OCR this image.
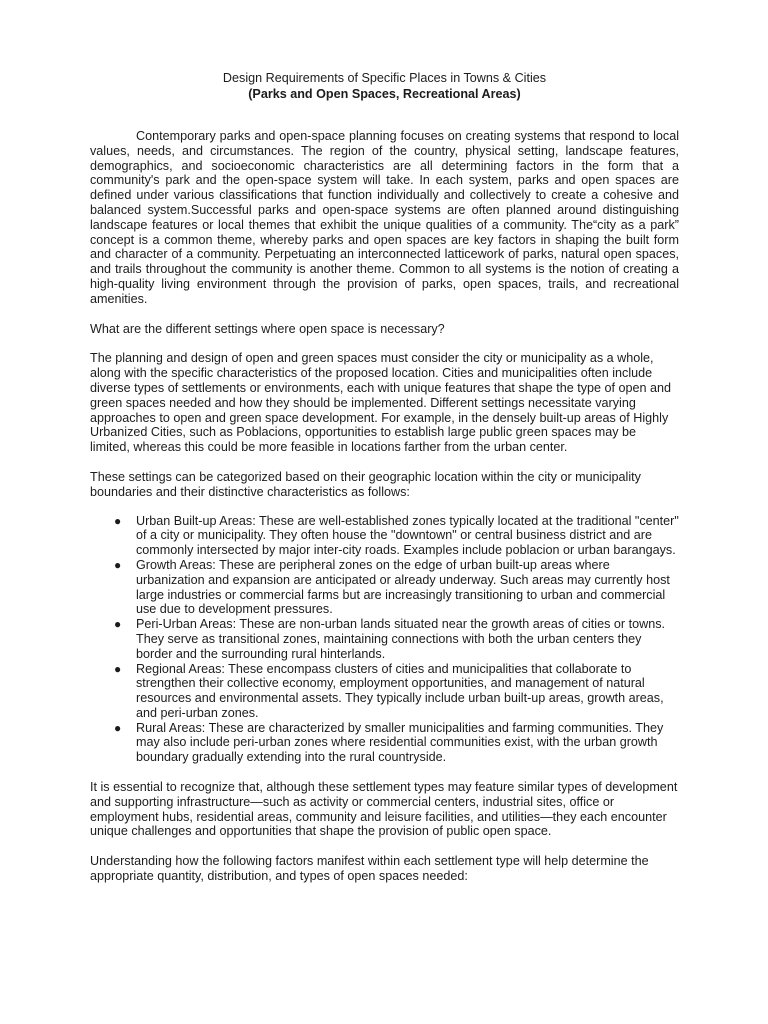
Design Requirements of Specific Places in Towns & Cities

(Parks and Open Spaces, Recreational Areas)

Contemporary parks and open-space planning focuses on creating systems that respond to local values, needs, and circumstances. The region of the country, physical setting, landscape features, demographics, and socioeconomic characteristics are all determining factors in the form that a community's park and the open-space system will take. In each system, parks and open spaces are defined under various classifications that function individually and collectively to create a cohesive and balanced system.Successful parks and open-space systems are often planned around distinguishing landscape features or local themes that exhibit the unique qualities of a community. The“city as a park” concept is a common theme, whereby parks and open spaces are key factors in shaping the built form and character of a community. Perpetuating an interconnected latticework of parks, natural open spaces, and trails throughout the community is another theme. Common to all systems is the notion of creating a high-quality living environment through the provision of parks, open spaces, trails, and recreational amenities.

What are the different settings where open space is necessary?

The planning and design of open and green spaces must consider the city or municipality as a whole, along with the specific characteristics of the proposed location. Cities and municipalities often include diverse types of settlements or environments, each with unique features that shape the type of open and green spaces needed and how they should be implemented. Different settings necessitate varying approaches to open and green space development. For example, in the densely built-up areas of Highly Urbanized Cities, such as Poblacions, opportunities to establish large public green spaces may be limited, whereas this could be more feasible in locations farther from the urban center.

These settings can be categorized based on their geographic location within the city or municipality boundaries and their distinctive characteristics as follows:

● Urban Built-up Areas: These are well-established zones typically located at the traditional "center" of a city or municipality. They often house the "downtown" or central business district and are commonly intersected by major inter-city roads. Examples include poblacion or urban barangays.
● Growth Areas: These are peripheral zones on the edge of urban built-up areas where urbanization and expansion are anticipated or already underway. Such areas may currently host large industries or commercial farms but are increasingly transitioning to urban and commercial use due to development pressures.
● Peri-Urban Areas: These are non-urban lands situated near the growth areas of cities or towns. They serve as transitional zones, maintaining connections with both the urban centers they border and the surrounding rural hinterlands.
● Regional Areas: These encompass clusters of cities and municipalities that collaborate to strengthen their collective economy, employment opportunities, and management of natural resources and environmental assets. They typically include urban built-up areas, growth areas, and peri-urban zones.
● Rural Areas: These are characterized by smaller municipalities and farming communities. They may also include peri-urban zones where residential communities exist, with the urban growth boundary gradually extending into the rural countryside.

It is essential to recognize that, although these settlement types may feature similar types of development and supporting infrastructure—such as activity or commercial centers, industrial sites, office or employment hubs, residential areas, community and leisure facilities, and utilities—they each encounter unique challenges and opportunities that shape the provision of public open space.

Understanding how the following factors manifest within each settlement type will help determine the appropriate quantity, distribution, and types of open spaces needed:
